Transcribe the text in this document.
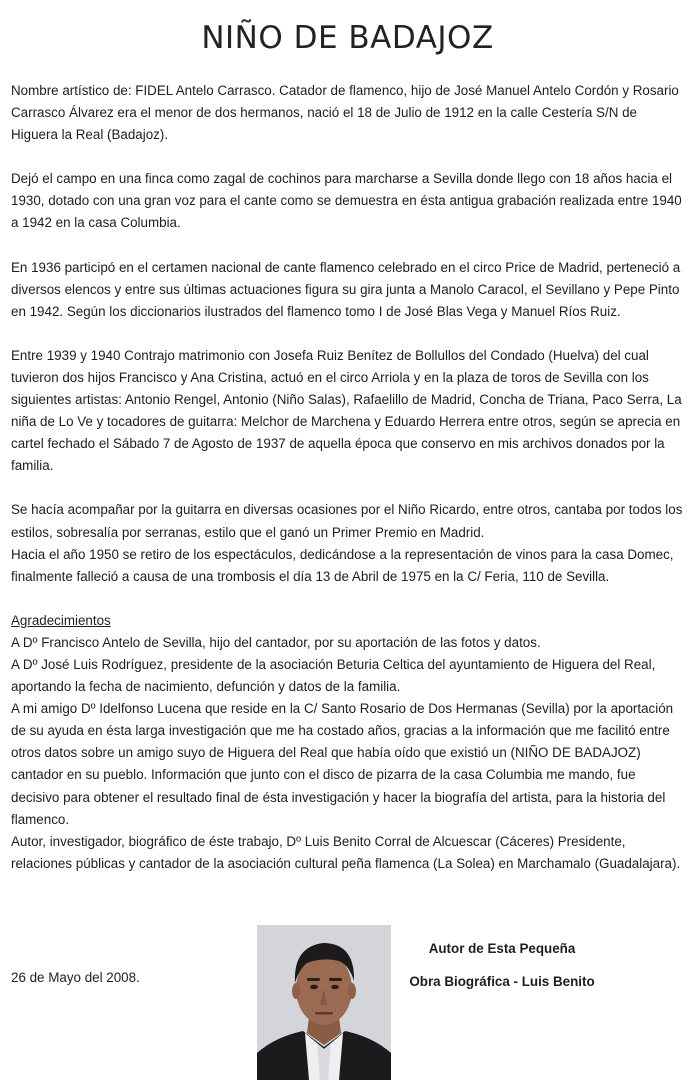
NIÑO DE BADAJOZ

Nombre artístico de: FIDEL Antelo Carrasco. Catador de flamenco, hijo de José Manuel Antelo Cordón y Rosario Carrasco Álvarez era el menor de dos hermanos, nació el 18 de Julio de 1912 en la calle Cestería S/N de Higuera la Real (Badajoz).

Dejó el campo en una finca como zagal de cochinos para marcharse a Sevilla donde llego con 18 años hacia el 1930, dotado con una gran voz para el cante como se demuestra en ésta antigua grabación realizada entre 1940 a 1942 en la casa Columbia.

En 1936 participó en el certamen nacional de cante flamenco celebrado en el circo Price de Madrid, perteneció a diversos elencos y entre sus últimas actuaciones figura su gira junta a Manolo Caracol, el Sevillano y Pepe Pinto en 1942. Según los diccionarios ilustrados del flamenco tomo I de José Blas Vega y Manuel Ríos Ruiz.

Entre 1939 y 1940 Contrajo matrimonio con Josefa Ruiz Benítez de Bollullos del Condado (Huelva) del cual tuvieron dos hijos Francisco y Ana Cristina, actuó en el circo Arriola y en la plaza de toros de Sevilla con los siguientes artistas: Antonio Rengel, Antonio (Niño Salas), Rafaelillo de Madrid, Concha de Triana, Paco Serra, La niña de Lo Ve y tocadores de guitarra: Melchor de Marchena y Eduardo Herrera entre otros, según se aprecia en cartel fechado el Sábado 7 de Agosto de 1937 de aquella época que conservo en mis archivos donados por la familia.

Se hacía acompañar por la guitarra en diversas ocasiones por el Niño Ricardo, entre otros, cantaba por todos los estilos, sobresalía por serranas, estilo que el ganó un Primer Premio en Madrid.

Hacia el año 1950 se retiro de los espectáculos, dedicándose a la representación de vinos para la casa Domec, finalmente falleció a causa de una trombosis el día 13 de Abril de 1975 en la C/ Feria, 110 de Sevilla.

Agradecimientos

A Dº Francisco Antelo de Sevilla, hijo del cantador, por su aportación de las fotos y datos.

A Dº José Luis Rodríguez, presidente de la asociación Beturia Celtica del ayuntamiento de Higuera del Real, aportando la fecha de nacimiento, defunción y datos de la familia.

A mi amigo Dº Idelfonso Lucena que reside en la C/ Santo Rosario de Dos Hermanas (Sevilla) por la aportación de su ayuda en ésta larga investigación que me ha costado años, gracias a la información que me facilitó entre otros datos sobre un amigo suyo de Higuera del Real que había oído que existió un (NIÑO DE BADAJOZ) cantador en su pueblo. Información que junto con el disco de pizarra de la casa Columbia me mando, fue decisivo para obtener el resultado final de ésta investigación y hacer la biografía del artista, para la historia del flamenco.

Autor, investigador, biográfico de éste trabajo, Dº Luis Benito Corral de Alcuescar (Cáceres) Presidente, relaciones públicas y cantador de la asociación cultural peña flamenca (La Solea) en Marchamalo (Guadalajara).

26 de Mayo del 2008.
Autor de Esta Pequeña
Obra Biográfica - Luis Benito
